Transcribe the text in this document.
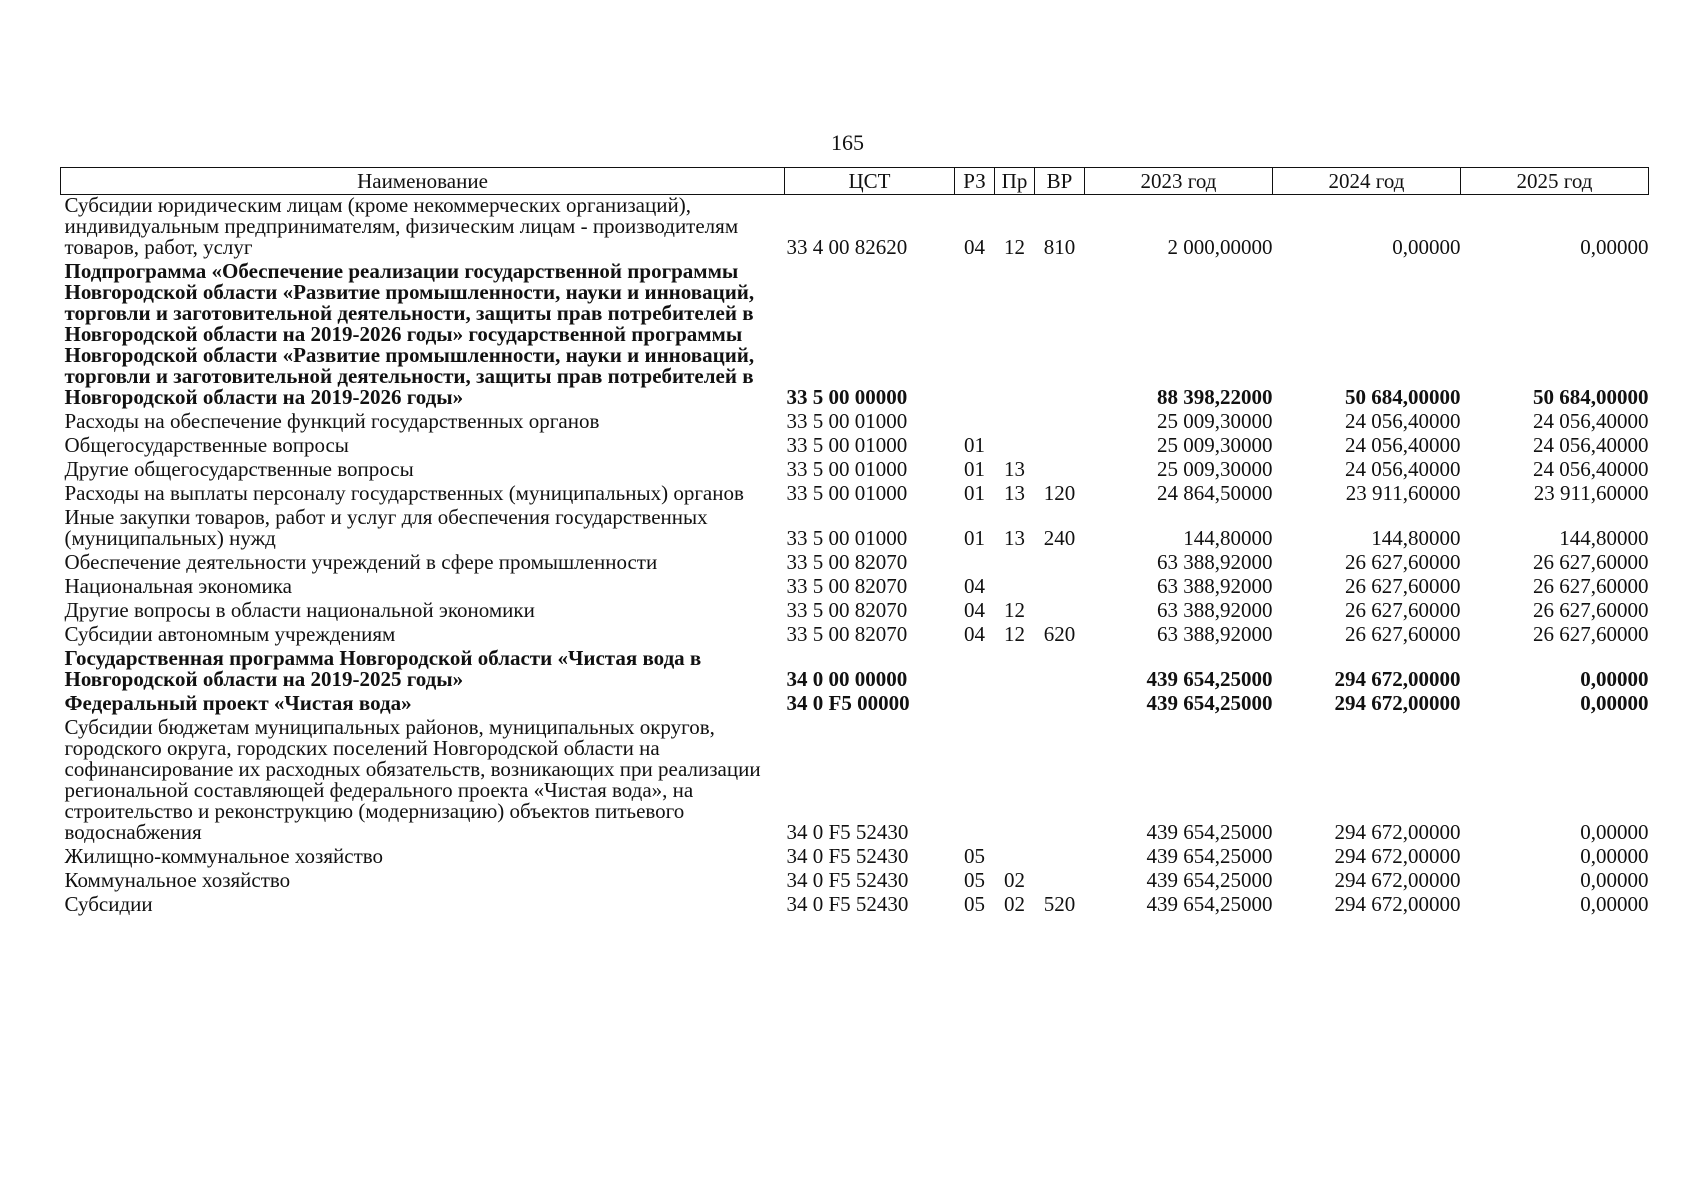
165
Наименование	ЦСТ	РЗ	Пр	ВР	2023 год	2024 год	2025 год
Субсидии юридическим лицам (кроме некоммерческих организаций), индивидуальным предпринимателям, физическим лицам - производителям товаров, работ, услуг	33 4 00 82620	04	12	810	2 000,00000	0,00000	0,00000
Подпрограмма «Обеспечение реализации государственной программы Новгородской области «Развитие промышленности, науки и инноваций, торговли и заготовительной деятельности, защиты прав потребителей в Новгородской области на 2019-2026 годы» государственной программы Новгородской области «Развитие промышленности, науки и инноваций, торговли и заготовительной деятельности, защиты прав потребителей в Новгородской области на 2019-2026 годы»	33 5 00 00000				88 398,22000	50 684,00000	50 684,00000
Расходы на обеспечение функций государственных органов	33 5 00 01000				25 009,30000	24 056,40000	24 056,40000
Общегосударственные вопросы	33 5 00 01000	01			25 009,30000	24 056,40000	24 056,40000
Другие общегосударственные вопросы	33 5 00 01000	01	13		25 009,30000	24 056,40000	24 056,40000
Расходы на выплаты персоналу государственных (муниципальных) органов	33 5 00 01000	01	13	120	24 864,50000	23 911,60000	23 911,60000
Иные закупки товаров, работ и услуг для обеспечения государственных (муниципальных) нужд	33 5 00 01000	01	13	240	144,80000	144,80000	144,80000
Обеспечение деятельности учреждений в сфере промышленности	33 5 00 82070				63 388,92000	26 627,60000	26 627,60000
Национальная экономика	33 5 00 82070	04			63 388,92000	26 627,60000	26 627,60000
Другие вопросы в области национальной экономики	33 5 00 82070	04	12		63 388,92000	26 627,60000	26 627,60000
Субсидии автономным учреждениям	33 5 00 82070	04	12	620	63 388,92000	26 627,60000	26 627,60000
Государственная программа Новгородской области «Чистая вода в Новгородской области на 2019-2025 годы»	34 0 00 00000				439 654,25000	294 672,00000	0,00000
Федеральный проект «Чистая вода»	34 0 F5 00000				439 654,25000	294 672,00000	0,00000
Субсидии бюджетам муниципальных районов, муниципальных округов, городского округа, городских поселений Новгородской области на софинансирование их расходных обязательств, возникающих при реализации региональной составляющей федерального проекта «Чистая вода», на строительство и реконструкцию (модернизацию) объектов питьевого водоснабжения	34 0 F5 52430				439 654,25000	294 672,00000	0,00000
Жилищно-коммунальное хозяйство	34 0 F5 52430	05			439 654,25000	294 672,00000	0,00000
Коммунальное хозяйство	34 0 F5 52430	05	02		439 654,25000	294 672,00000	0,00000
Субсидии	34 0 F5 52430	05	02	520	439 654,25000	294 672,00000	0,00000
